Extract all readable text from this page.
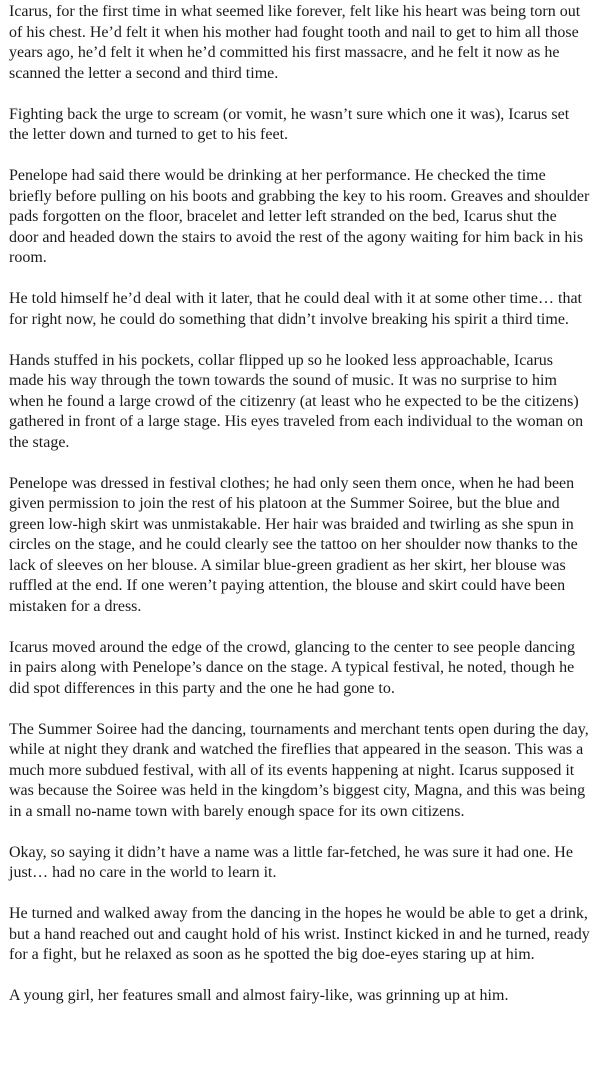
Icarus, for the first time in what seemed like forever, felt like his heart was being torn out of his chest. He’d felt it when his mother had fought tooth and nail to get to him all those years ago, he’d felt it when he’d committed his first massacre, and he felt it now as he scanned the letter a second and third time.

Fighting back the urge to scream (or vomit, he wasn’t sure which one it was), Icarus set the letter down and turned to get to his feet.

Penelope had said there would be drinking at her performance. He checked the time briefly before pulling on his boots and grabbing the key to his room. Greaves and shoulder pads forgotten on the floor, bracelet and letter left stranded on the bed, Icarus shut the door and headed down the stairs to avoid the rest of the agony waiting for him back in his room.

He told himself he’d deal with it later, that he could deal with it at some other time… that for right now, he could do something that didn’t involve breaking his spirit a third time.

Hands stuffed in his pockets, collar flipped up so he looked less approachable, Icarus made his way through the town towards the sound of music. It was no surprise to him when he found a large crowd of the citizenry (at least who he expected to be the citizens) gathered in front of a large stage. His eyes traveled from each individual to the woman on the stage.

Penelope was dressed in festival clothes; he had only seen them once, when he had been given permission to join the rest of his platoon at the Summer Soiree, but the blue and green low-high skirt was unmistakable. Her hair was braided and twirling as she spun in circles on the stage, and he could clearly see the tattoo on her shoulder now thanks to the lack of sleeves on her blouse. A similar blue-green gradient as her skirt, her blouse was ruffled at the end. If one weren’t paying attention, the blouse and skirt could have been mistaken for a dress.

Icarus moved around the edge of the crowd, glancing to the center to see people dancing in pairs along with Penelope’s dance on the stage. A typical festival, he noted, though he did spot differences in this party and the one he had gone to.

The Summer Soiree had the dancing, tournaments and merchant tents open during the day, while at night they drank and watched the fireflies that appeared in the season. This was a much more subdued festival, with all of its events happening at night. Icarus supposed it was because the Soiree was held in the kingdom’s biggest city, Magna, and this was being in a small no-name town with barely enough space for its own citizens.

Okay, so saying it didn’t have a name was a little far-fetched, he was sure it had one. He just… had no care in the world to learn it.

He turned and walked away from the dancing in the hopes he would be able to get a drink, but a hand reached out and caught hold of his wrist. Instinct kicked in and he turned, ready for a fight, but he relaxed as soon as he spotted the big doe-eyes staring up at him.

A young girl, her features small and almost fairy-like, was grinning up at him.
